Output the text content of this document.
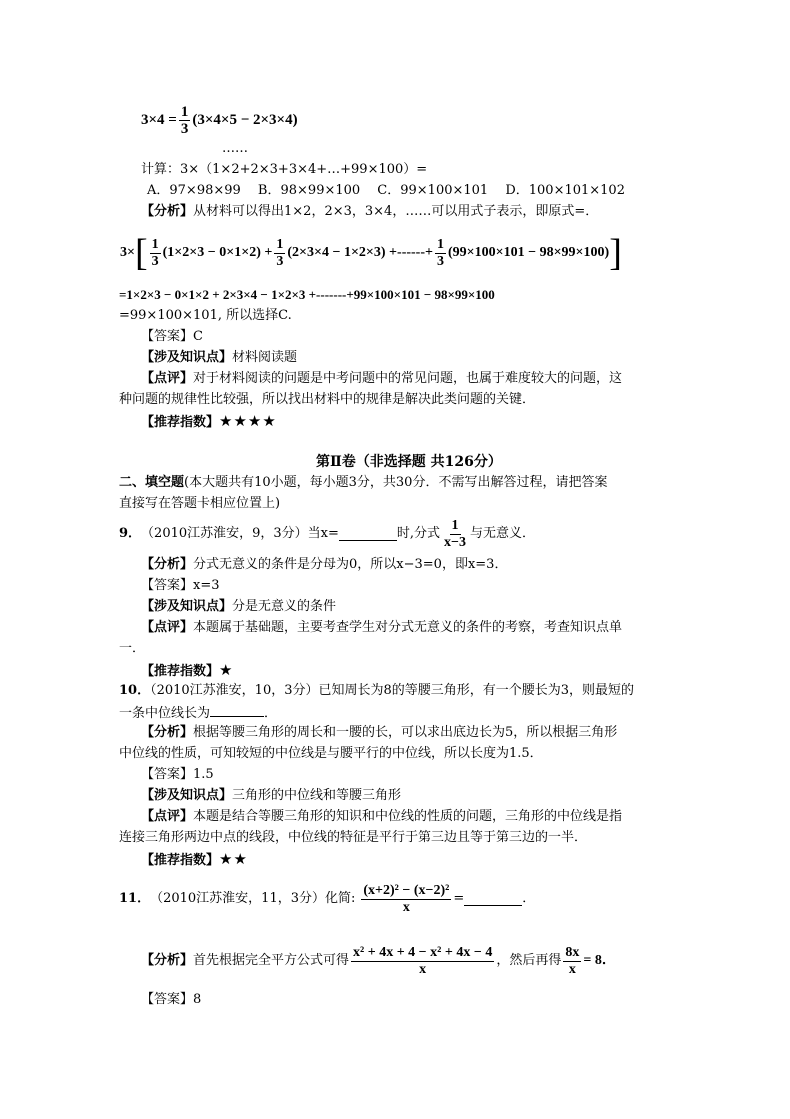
$3\times 4 = \frac{1}{3} (3\times 4\times 5 - 2\times 3\times 4)$
……
计算：3×（1×2+2×3+3×4+…+99×100）=
A．97×98×99　 B．98×99×100　 C．99×100×101　 D．100×101×102
【分析】从材料可以得出1×2，2×3，3×4，……可以用式子表示，即原式=．
3× [ $\frac{1}{3} (1\times 2\times 3 - 0\times 1\times 2) + \frac{1}{3} (2\times 3\times 4 - 1\times 2\times 3)$ +------+ $\frac{1}{3} (99\times 100\times 101 - 98\times 99\times 100)$ ]
=1×2×3 − 0×1×2 + 2×3×4 − 1×2×3 +-------+99×100×101 − 98×99×100
=99×100×101, 所以选择C.
【答案】C
【涉及知识点】材料阅读题
【点评】对于材料阅读的问题是中考问题中的常见问题，也属于难度较大的问题，这
种问题的规律性比较强，所以找出材料中的规律是解决此类问题的关键．
【推荐指数】★★★★
第Ⅱ卷（非选择题 共126分）
二、填空题(本大题共有10小题，每小题3分，共30分．不需写出解答过程，请把答案
直接写在答题卡相应位置上)
9． （2010江苏淮安，9，3分）当x=	时,分式 $\frac{1}{x-3}$ 与无意义．
【分析】分式无意义的条件是分母为0，所以x−3=0，即x=3．
【答案】x=3
【涉及知识点】分是无意义的条件
【点评】本题属于基础题，主要考查学生对分式无意义的条件的考察，考查知识点单
一．
【推荐指数】★
10．（2010江苏淮安，10，3分）已知周长为8的等腰三角形，有一个腰长为3，则最短的
一条中位线长为	．
【分析】根据等腰三角形的周长和一腰的长，可以求出底边长为5，所以根据三角形
中位线的性质，可知较短的中位线是与腰平行的中位线，所以长度为1.5．
【答案】1.5
【涉及知识点】三角形的中位线和等腰三角形
【点评】本题是结合等腰三角形的知识和中位线的性质的问题，三角形的中位线是指
连接三角形两边中点的线段，中位线的特征是平行于第三边且等于第三边的一半．
【推荐指数】★★
11． （2010江苏淮安，11，3分）化简: $\frac{\text{(x+2)² − (x−2)²}}{x}$ =	．
【分析】 首先根据完全平方公式可得 $\frac{\text{x² + 4x + 4 − x² + 4x − 4}}{x}$ ，然后再得 $\frac{8x}{x} = 8$．
【答案】8
